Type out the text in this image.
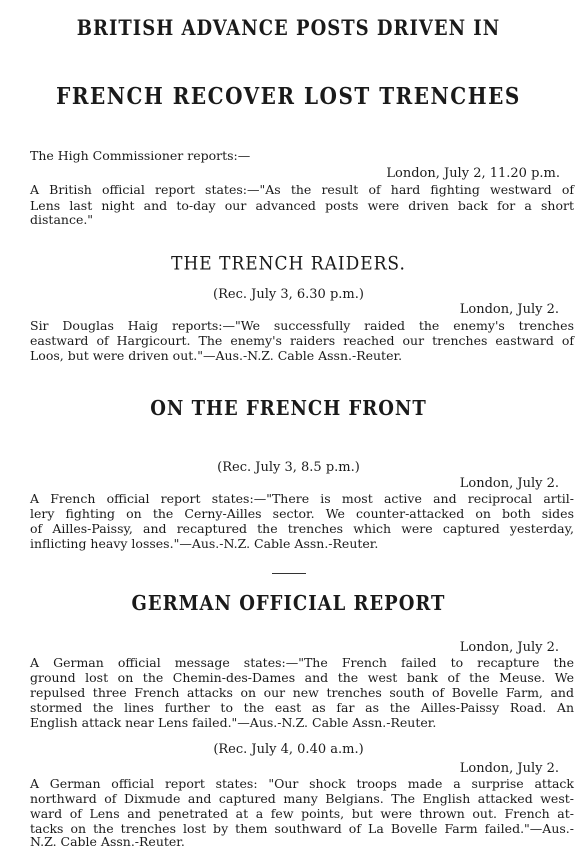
BRITISH ADVANCE POSTS DRIVEN IN
FRENCH RECOVER LOST TRENCHES
The High Commissioner reports:—
London, July 2, 11.20 p.m.
A British official report states:—"As the result of hard fighting westward of
Lens last night and to-day our advanced posts were driven back for a short
distance."
THE TRENCH RAIDERS.
(Rec. July 3, 6.30 p.m.)
London, July 2.
Sir Douglas Haig reports:—"We successfully raided the enemy's trenches
eastward of Hargicourt. The enemy's raiders reached our trenches eastward of
Loos, but were driven out."—Aus.-N.Z. Cable Assn.-Reuter.
ON THE FRENCH FRONT
(Rec. July 3, 8.5 p.m.)
London, July 2.
A French official report states:—"There is most active and reciprocal artil-
lery fighting on the Cerny-Ailles sector. We counter-attacked on both sides
of Ailles-Paissy, and recaptured the trenches which were captured yesterday,
inflicting heavy losses."—Aus.-N.Z. Cable Assn.-Reuter.
GERMAN OFFICIAL REPORT
London, July 2.
A German official message states:—"The French failed to recapture the
ground lost on the Chemin-des-Dames and the west bank of the Meuse. We
repulsed three French attacks on our new trenches south of Bovelle Farm, and
stormed the lines further to the east as far as the Ailles-Paissy Road. An
English attack near Lens failed."—Aus.-N.Z. Cable Assn.-Reuter.
(Rec. July 4, 0.40 a.m.)
London, July 2.
A German official report states: "Our shock troops made a surprise attack
northward of Dixmude and captured many Belgians. The English attacked west-
ward of Lens and penetrated at a few points, but were thrown out. French at-
tacks on the trenches lost by them southward of La Bovelle Farm failed."—Aus.-
N.Z. Cable Assn.-Reuter.
